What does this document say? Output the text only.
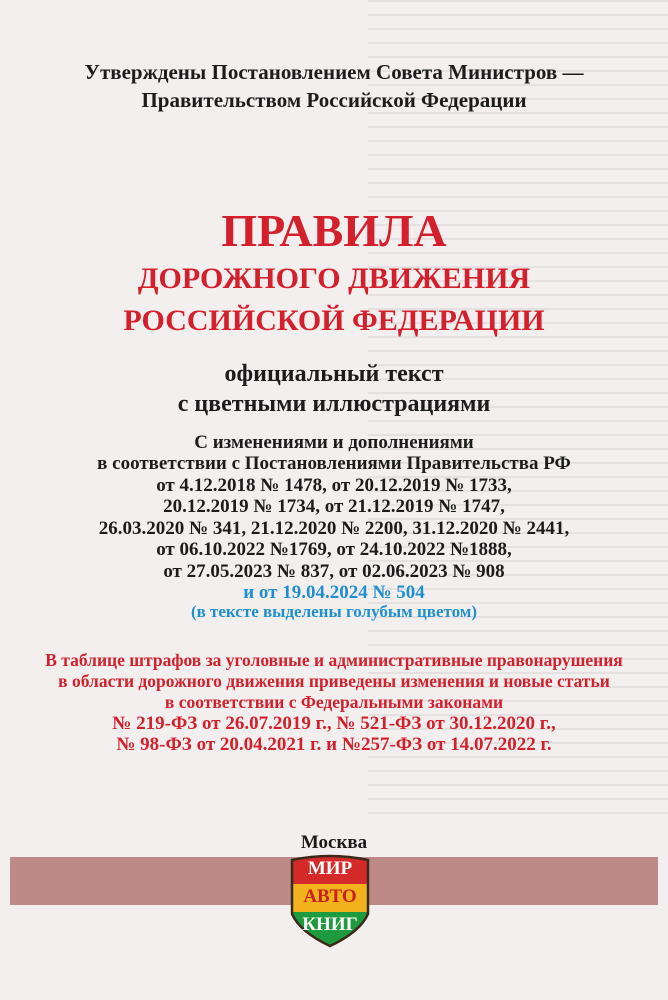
Утверждены Постановлением Совета Министров —
Правительством Российской Федерации
ПРАВИЛА
ДОРОЖНОГО ДВИЖЕНИЯ
РОССИЙСКОЙ ФЕДЕРАЦИИ
официальный текст
с цветными иллюстрациями
С изменениями и дополнениями
в соответствии с Постановлениями Правительства РФ
от 4.12.2018 № 1478, от 20.12.2019 № 1733,
20.12.2019 № 1734, от 21.12.2019 № 1747,
26.03.2020 № 341, 21.12.2020 № 2200, 31.12.2020 № 2441,
от 06.10.2022 №1769, от 24.10.2022 №1888,
от 27.05.2023 № 837, от 02.06.2023 № 908
и от 19.04.2024 № 504
(в тексте выделены голубым цветом)
В таблице штрафов за уголовные и административные правонарушения
в области дорожного движения приведены изменения и новые статьи
в соответствии с Федеральными законами
№ 219-ФЗ от 26.07.2019 г., № 521-ФЗ от 30.12.2020 г.,
№ 98-ФЗ от 20.04.2021 г. и №257-ФЗ от 14.07.2022 г.
Москва
МИР
АВТО
КНИГ
